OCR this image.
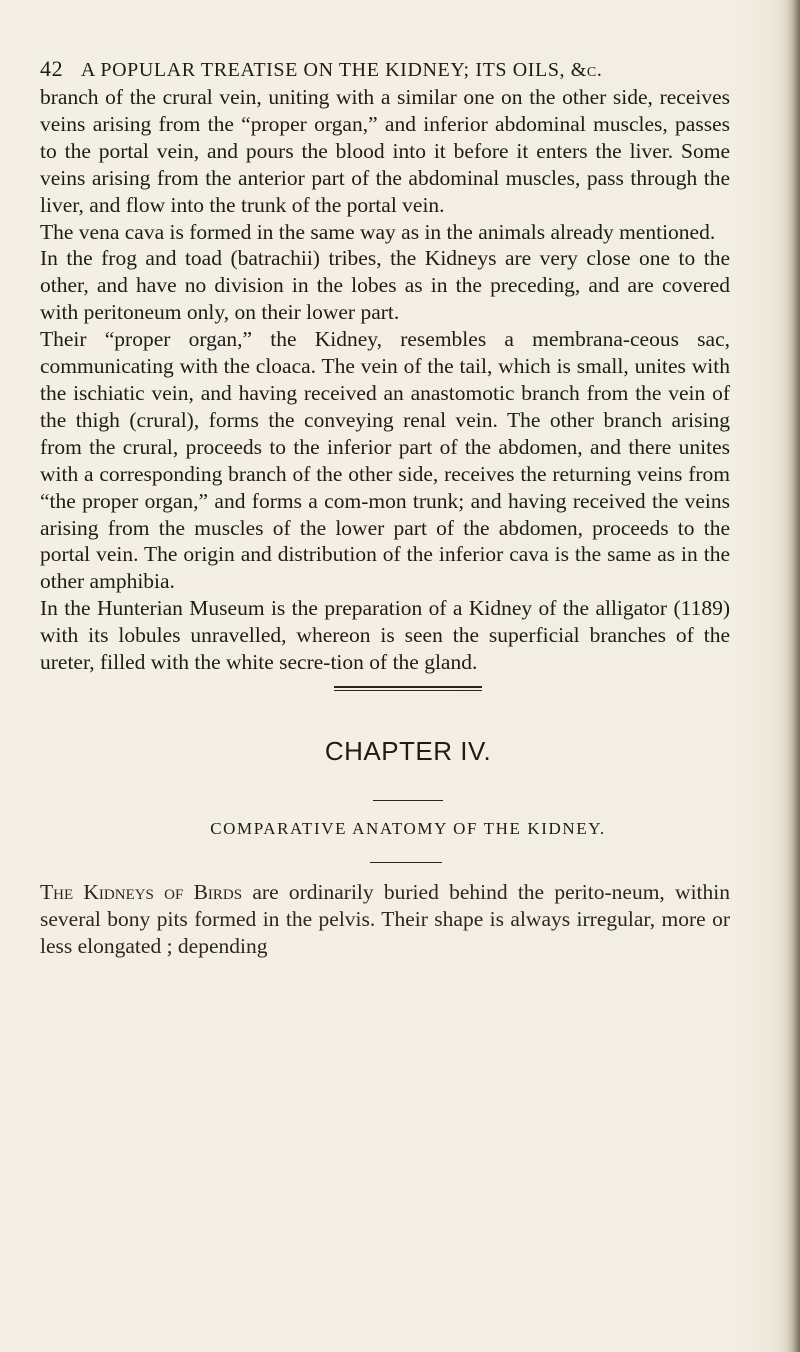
42 A POPULAR TREATISE ON THE KIDNEY; ITS OILS, &c.

branch of the crural vein, uniting with a similar one on the other side, receives veins arising from the “proper organ,” and inferior abdominal muscles, passes to the portal vein, and pours the blood into it before it enters the liver. Some veins arising from the anterior part of the abdominal muscles, pass through the liver, and flow into the trunk of the portal vein.

The vena cava is formed in the same way as in the animals already mentioned.

In the frog and toad (batrachii) tribes, the Kidneys are very close one to the other, and have no division in the lobes as in the preceding, and are covered with peritoneum only, on their lower part.

Their “proper organ,” the Kidney, resembles a membrana-ceous sac, communicating with the cloaca. The vein of the tail, which is small, unites with the ischiatic vein, and having received an anastomotic branch from the vein of the thigh (crural), forms the conveying renal vein. The other branch arising from the crural, proceeds to the inferior part of the abdomen, and there unites with a corresponding branch of the other side, receives the returning veins from “the proper organ,” and forms a com-mon trunk; and having received the veins arising from the muscles of the lower part of the abdomen, proceeds to the portal vein. The origin and distribution of the inferior cava is the same as in the other amphibia.

In the Hunterian Museum is the preparation of a Kidney of the alligator (1189) with its lobules unravelled, whereon is seen the superficial branches of the ureter, filled with the white secre-tion of the gland.

CHAPTER IV.
COMPARATIVE ANATOMY OF THE KIDNEY.
The Kidneys of Birds are ordinarily buried behind the perito-neum, within several bony pits formed in the pelvis. Their shape is always irregular, more or less elongated ; depending
